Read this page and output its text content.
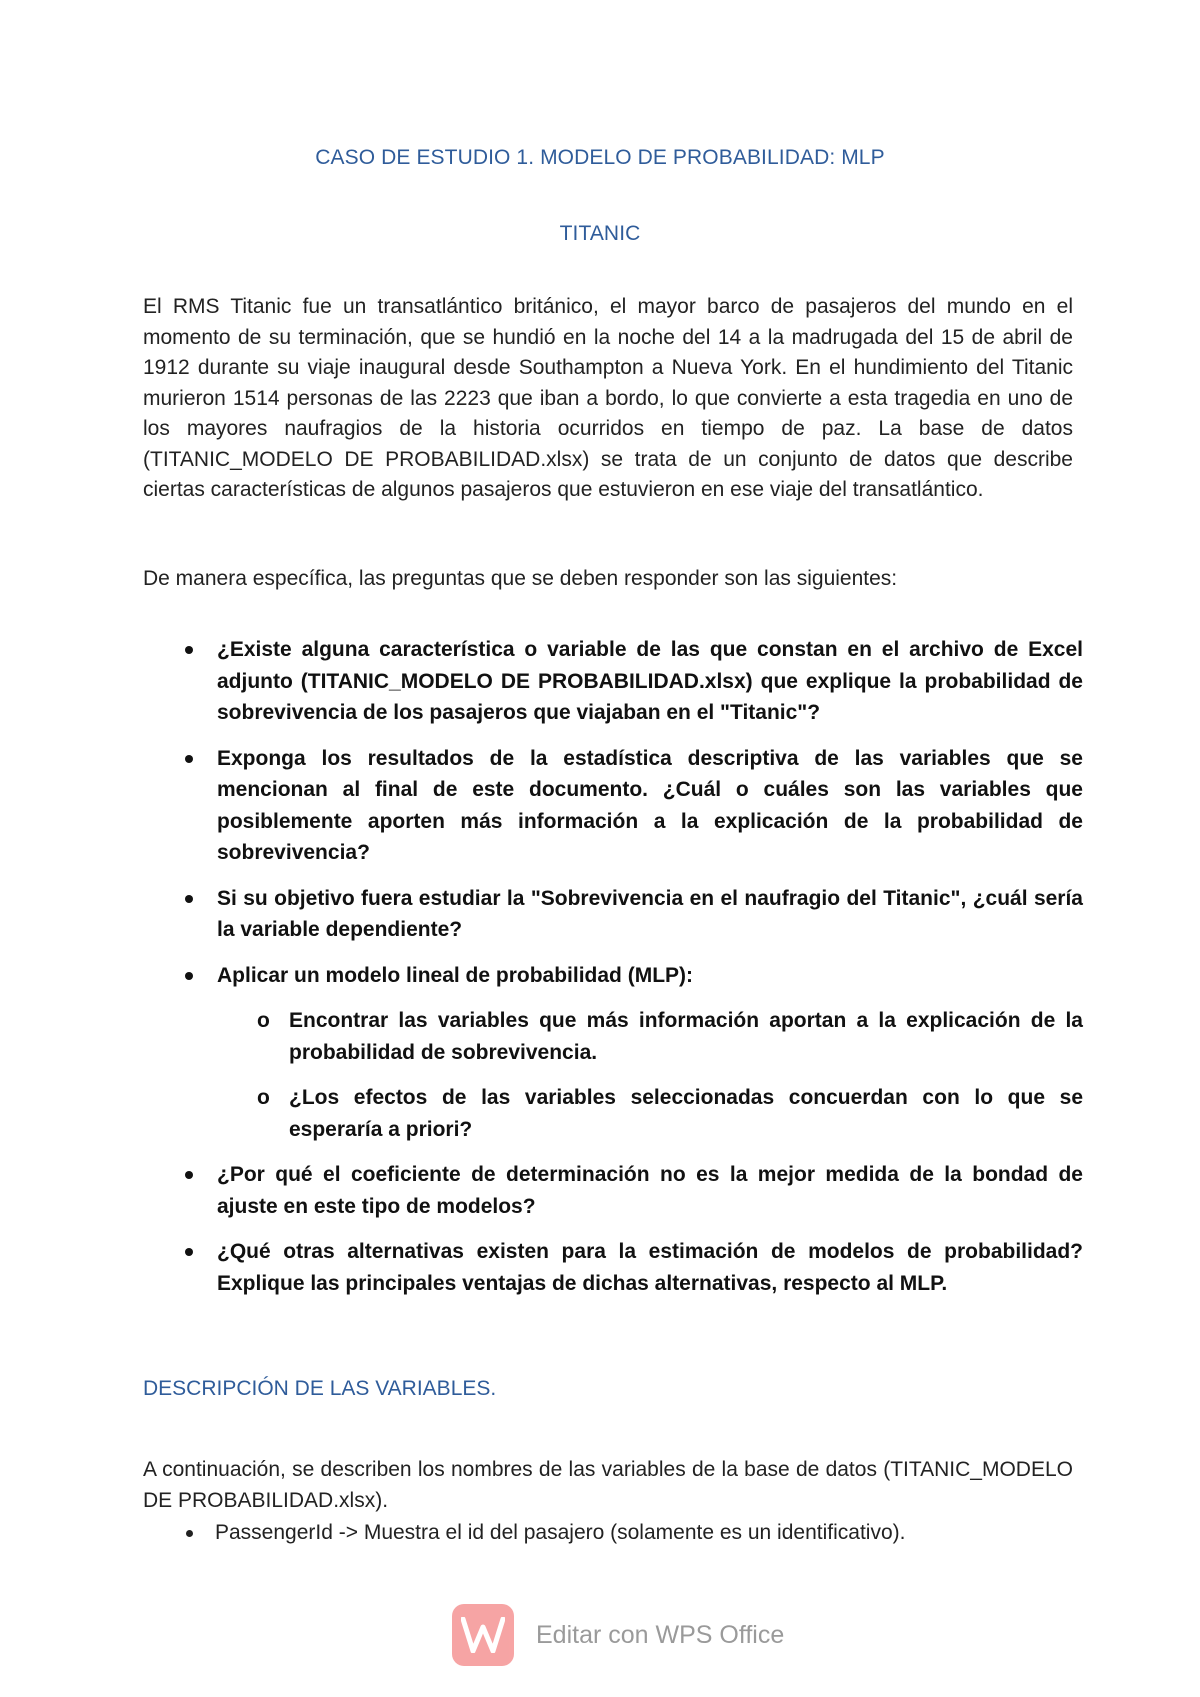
CASO DE ESTUDIO 1. MODELO DE PROBABILIDAD: MLP
TITANIC
El RMS Titanic fue un transatlántico británico, el mayor barco de pasajeros del mundo en el momento de su terminación, que se hundió en la noche del 14 a la madrugada del 15 de abril de 1912 durante su viaje inaugural desde Southampton a Nueva York. En el hundimiento del Titanic murieron 1514 personas de las 2223 que iban a bordo, lo que convierte a esta tragedia en uno de los mayores naufragios de la historia ocurridos en tiempo de paz. La base de datos (TITANIC_MODELO DE PROBABILIDAD.xlsx) se trata de un conjunto de datos que describe ciertas características de algunos pasajeros que estuvieron en ese viaje del transatlántico.
De manera específica, las preguntas que se deben responder son las siguientes:
¿Existe alguna característica o variable de las que constan en el archivo de Excel adjunto (TITANIC_MODELO DE PROBABILIDAD.xlsx) que explique la probabilidad de sobrevivencia de los pasajeros que viajaban en el "Titanic"?
Exponga los resultados de la estadística descriptiva de las variables que se mencionan al final de este documento. ¿Cuál o cuáles son las variables que posiblemente aporten más información a la explicación de la probabilidad de sobrevivencia?
Si su objetivo fuera estudiar la "Sobrevivencia en el naufragio del Titanic", ¿cuál sería la variable dependiente?
Aplicar un modelo lineal de probabilidad (MLP):
o Encontrar las variables que más información aportan a la explicación de la probabilidad de sobrevivencia.
o ¿Los efectos de las variables seleccionadas concuerdan con lo que se esperaría a priori?
¿Por qué el coeficiente de determinación no es la mejor medida de la bondad de ajuste en este tipo de modelos?
¿Qué otras alternativas existen para la estimación de modelos de probabilidad? Explique las principales ventajas de dichas alternativas, respecto al MLP.
DESCRIPCIÓN DE LAS VARIABLES.
A continuación, se describen los nombres de las variables de la base de datos (TITANIC_MODELO DE PROBABILIDAD.xlsx).
PassengerId -> Muestra el id del pasajero (solamente es un identificativo).
Editar con WPS Office
